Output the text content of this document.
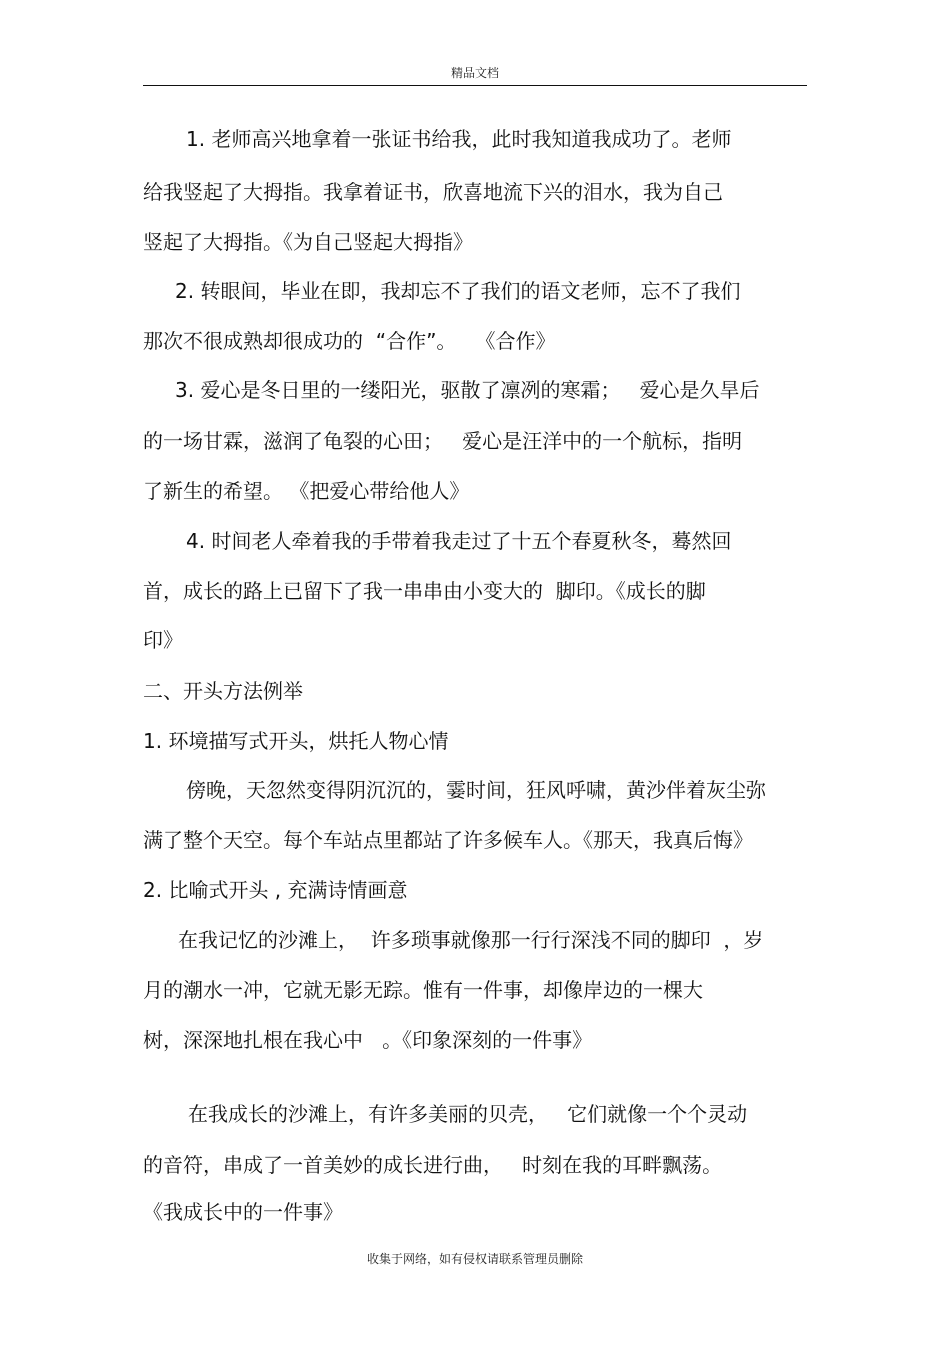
精品文档
1. 老师高兴地拿着一张证书给我，此时我知道我成功了。老师
给我竖起了大拇指。我拿着证书，欣喜地流下兴的泪水，我为自己
竖起了大拇指。《为自己竖起大拇指》
2. 转眼间，毕业在即，我却忘不了我们的语文老师，忘不了我们
那次不很成熟却很成功的  “合作”。   《合作》
3. 爱心是冬日里的一缕阳光，驱散了凛冽的寒霜；   爱心是久旱后
的一场甘霖，滋润了龟裂的心田；   爱心是汪洋中的一个航标，指明
了新生的希望。 《把爱心带给他人》
4. 时间老人牵着我的手带着我走过了十五个春夏秋冬，蓦然回
首，成长的路上已留下了我一串串由小变大的  脚印。《成长的脚
印》
二、开头方法例举
1. 环境描写式开头，烘托人物心情
傍晚，天忽然变得阴沉沉的，霎时间，狂风呼啸，黄沙伴着灰尘弥
满了整个天空。每个车站点里都站了许多候车人。《那天，我真后悔》
2. 比喻式开头 , 充满诗情画意
在我记忆的沙滩上，  许多琐事就像那一行行深浅不同的脚印  ，岁
月的潮水一冲，它就无影无踪。惟有一件事，却像岸边的一棵大
树，深深地扎根在我心中   。《印象深刻的一件事》
在我成长的沙滩上，有许多美丽的贝壳，   它们就像一个个灵动
的音符，串成了一首美妙的成长进行曲，   时刻在我的耳畔飘荡。
《我成长中的一件事》
收集于网络，如有侵权请联系管理员删除
